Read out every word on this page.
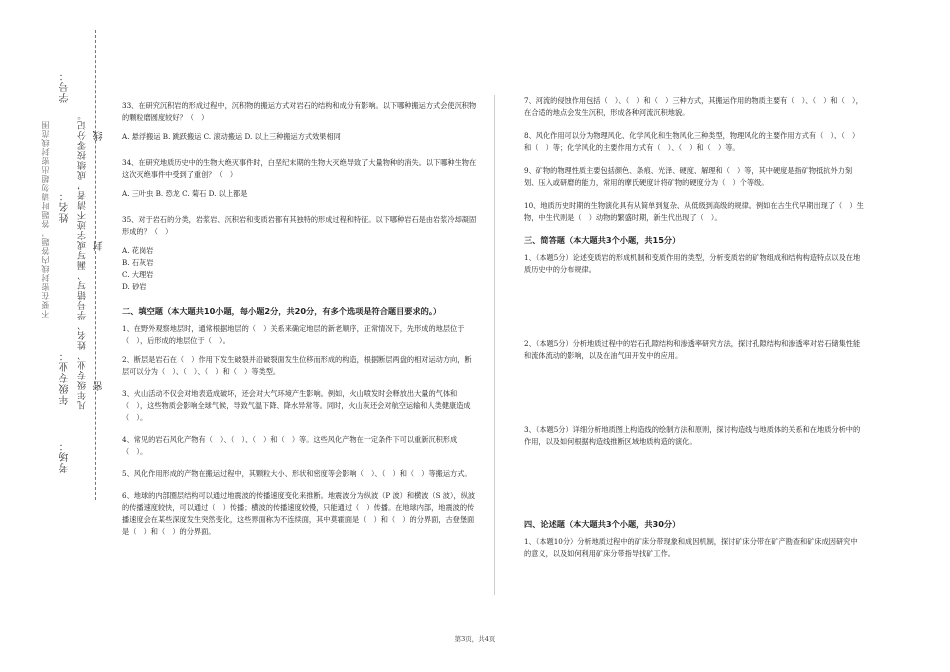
学号：
姓名：
年级专业：
考场：
凡年级专业、姓名、学号错写、漏写或字迹不清者，成绩按零分记。 密
封
线
不要在密封线内答题，答题时请勿超出密封线范围

33、在研究沉积岩的形成过程中，沉积物的搬运方式对岩石的结构和成分有影响。以下哪种搬运方式会使沉积物的颗粒磨圆度较好？（　）

A. 悬浮搬运 B. 跳跃搬运 C. 滚动搬运 D. 以上三种搬运方式效果相同

34、在研究地质历史中的生物大绝灭事件时，白垩纪末期的生物大灭绝导致了大量物种的消失。以下哪种生物在这次灭绝事件中受到了重创？（　）

A. 三叶虫 B. 恐龙 C. 菊石 D. 以上都是

35、对于岩石的分类，岩浆岩、沉积岩和变质岩都有其独特的形成过程和特征。以下哪种岩石是由岩浆冷却凝固形成的？（　）

A. 花岗岩

B. 石灰岩

C. 大理岩

D. 砂岩

二、填空题（本大题共10小题，每小题2分，共20分，有多个选项是符合题目要求的。）

1、在野外观察地层时，通常根据地层的（　）关系来确定地层的新老顺序，正常情况下，先形成的地层位于（　），后形成的地层位于（　）。

2、断层是岩石在（　）作用下发生破裂并沿破裂面发生位移而形成的构造，根据断层两盘的相对运动方向，断层可以分为（　）、（　）、（　）和（　）等类型。

3、火山活动不仅会对地表造成破坏，还会对大气环境产生影响。例如，火山喷发时会释放出大量的气体和（　），这些物质会影响全球气候，导致气温下降、降水异常等。同时，火山灰还会对航空运输和人类健康造成（　）。

4、常见的岩石风化产物有（　）、（　）、（　）和（　）等。这些风化产物在一定条件下可以重新沉积形成（　）。

5、风化作用形成的产物在搬运过程中，其颗粒大小、形状和密度等会影响（　）、（　）和（　）等搬运方式。

6、地球的内部圈层结构可以通过地震波的传播速度变化来推断。地震波分为纵波（P 波）和横波（S 波），纵波的传播速度较快，可以通过（　）传播；横波的传播速度较慢，只能通过（　）传播。在地球内部，地震波的传播速度会在某些深度发生突然变化，这些界面称为不连续面，其中莫霍面是（　）和（　）的分界面，古登堡面是（　）和（　）的分界面。

7、河流的侵蚀作用包括（　）、（　）和（　）三种方式，其搬运作用的物质主要有（　）、（　）和（　），在合适的地点会发生沉积，形成各种河流沉积地貌。

8、风化作用可以分为物理风化、化学风化和生物风化三种类型，物理风化的主要作用方式有（　）、（　）和（　）等；化学风化的主要作用方式有（　）、（　）和（　）等。

9、矿物的物理性质主要包括颜色、条痕、光泽、硬度、解理和（　）等，其中硬度是指矿物抵抗外力刻划、压入或研磨的能力，常用的摩氏硬度计将矿物的硬度分为（　）个等级。

10、地质历史时期的生物演化具有从简单到复杂、从低级到高级的规律。例如在古生代早期出现了（　）生物，中生代则是（　）动物的繁盛时期，新生代出现了（　）。

三、简答题（本大题共3个小题，共15分）

1、（本题5分）论述变质岩的形成机制和变质作用的类型，分析变质岩的矿物组成和结构构造特点以及在地质历史中的分布规律。

2、（本题5分）分析地质过程中的岩石孔隙结构和渗透率研究方法，探讨孔隙结构和渗透率对岩石储集性能和流体流动的影响，以及在油气田开发中的应用。

3、（本题5分）详细分析地质图上构造线的绘制方法和原则，探讨构造线与地质体的关系和在地质分析中的作用，以及如何根据构造线推断区域地质构造的演化。

四、论述题（本大题共3个小题，共30分）

1、（本题10分）分析地质过程中的矿床分带现象和成因机制，探讨矿床分带在矿产勘查和矿床成因研究中的意义，以及如何利用矿床分带指导找矿工作。

第3页，共4页
